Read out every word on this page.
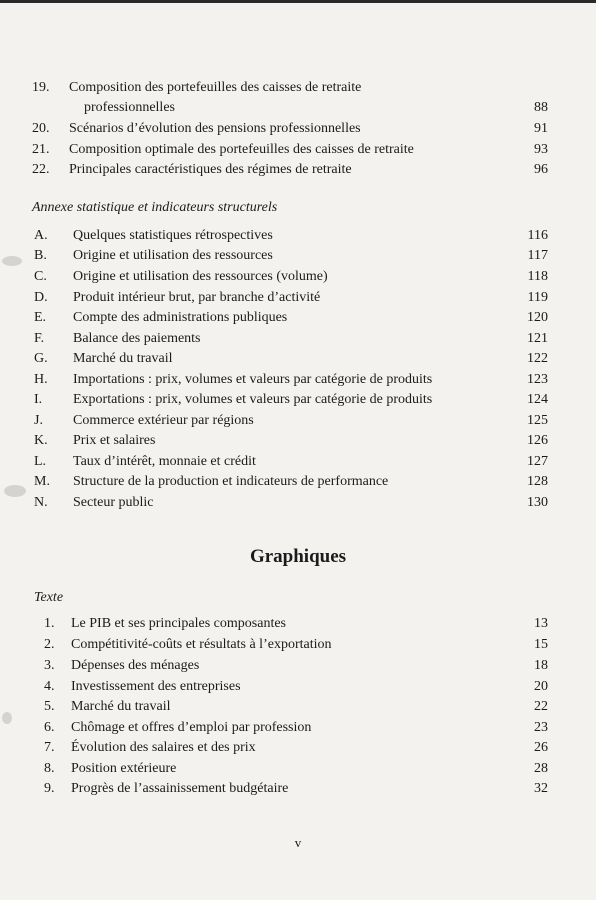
19. Composition des portefeuilles des caisses de retraite
professionnelles	88
20. Scénarios d’évolution des pensions professionnelles	91
21. Composition optimale des portefeuilles des caisses de retraite	93
22. Principales caractéristiques des régimes de retraite	96
Annexe statistique et indicateurs structurels
A. Quelques statistiques rétrospectives	116
B. Origine et utilisation des ressources	117
C. Origine et utilisation des ressources (volume)	118
D. Produit intérieur brut, par branche d’activité	119
E. Compte des administrations publiques	120
F. Balance des paiements	121
G. Marché du travail	122
H. Importations : prix, volumes et valeurs par catégorie de produits	123
I. Exportations : prix, volumes et valeurs par catégorie de produits	124
J. Commerce extérieur par régions	125
K. Prix et salaires	126
L. Taux d’intérêt, monnaie et crédit	127
M. Structure de la production et indicateurs de performance	128
N. Secteur public	130
Graphiques
Texte
1. Le PIB et ses principales composantes	13
2. Compétitivité-coûts et résultats à l’exportation	15
3. Dépenses des ménages	18
4. Investissement des entreprises	20
5. Marché du travail	22
6. Chômage et offres d’emploi par profession	23
7. Évolution des salaires et des prix	26
8. Position extérieure	28
9. Progrès de l’assainissement budgétaire	32
v
